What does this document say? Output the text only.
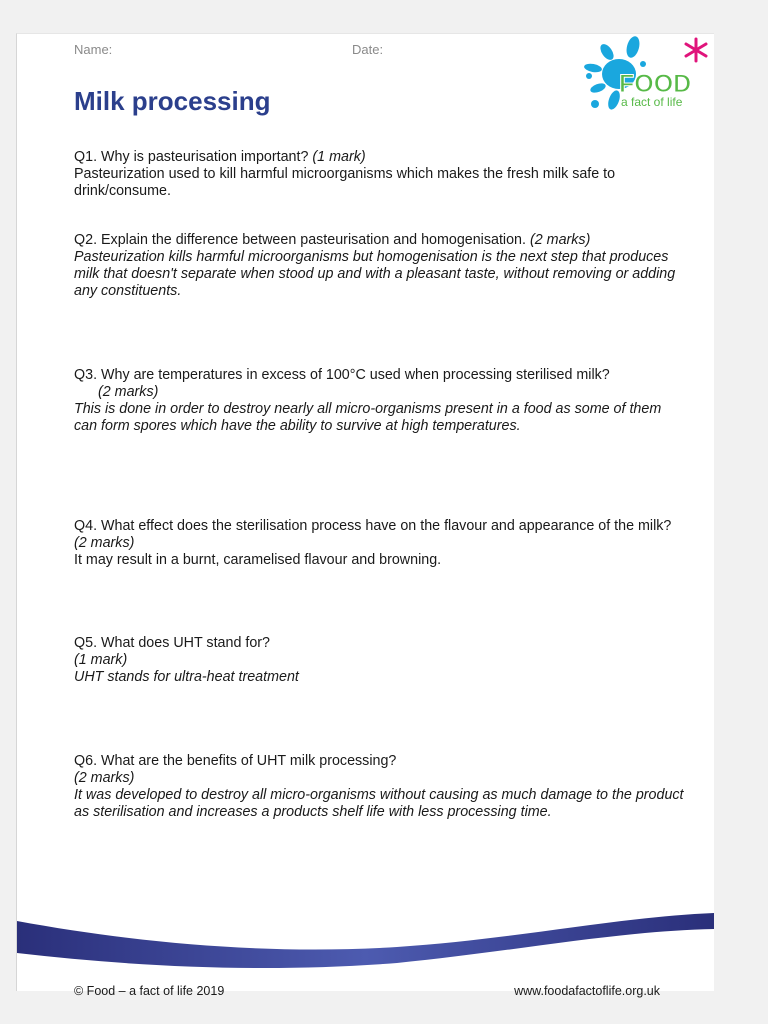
Name:	Date:
FOOD
a fact of life
Milk processing
Q1. Why is pasteurisation important? (1 mark)
Pasteurization used to kill harmful microorganisms which makes the fresh milk safe to drink/consume.
Q2. Explain the difference between pasteurisation and homogenisation. (2 marks)
Pasteurization kills harmful microorganisms but homogenisation is the next step that produces milk that doesn't separate when stood up and with a pleasant taste, without removing or adding any constituents.
Q3. Why are temperatures in excess of 100°C used when processing sterilised milk?
(2 marks)
This is done in order to destroy nearly all micro-organisms present in a food as some of them can form spores which have the ability to survive at high temperatures.
Q4. What effect does the sterilisation process have on the flavour and appearance of the milk? (2 marks)
It may result in a burnt, caramelised flavour and browning.
Q5. What does UHT stand for?
(1 mark)
UHT stands for ultra-heat treatment
Q6. What are the benefits of UHT milk processing?
(2 marks)
It was developed to destroy all micro-organisms without causing as much damage to the product as sterilisation and increases a products shelf life with less processing time.
© Food – a fact of life 2019	www.foodafactoflife.org.uk
